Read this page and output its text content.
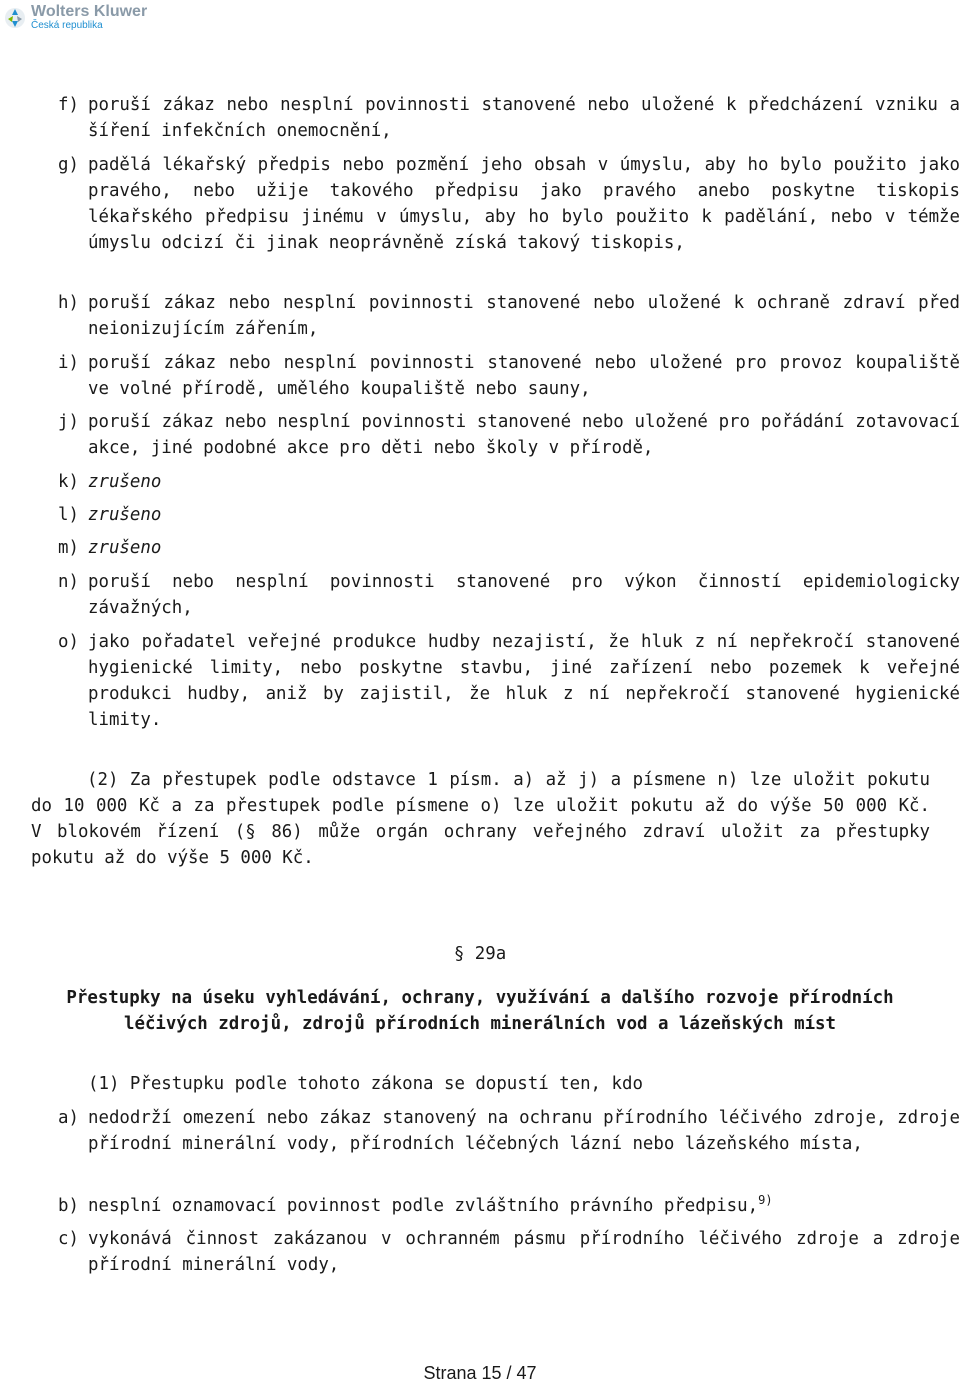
Wolters Kluwer
Česká republika
f) poruší zákaz nebo nesplní povinnosti stanovené nebo uložené k předcházení vzniku a šíření infekčních onemocnění,
g) padělá lékařský předpis nebo pozmění jeho obsah v úmyslu, aby ho bylo použito jako pravého, nebo užije takového předpisu jako pravého anebo poskytne tiskopis lékařského předpisu jinému v úmyslu, aby ho bylo použito k padělání, nebo v témže úmyslu odcizí či jinak neoprávněně získá takový tiskopis,
h) poruší zákaz nebo nesplní povinnosti stanovené nebo uložené k ochraně zdraví před neionizujícím zářením,
i) poruší zákaz nebo nesplní povinnosti stanovené nebo uložené pro provoz koupaliště ve volné přírodě, umělého koupaliště nebo sauny,
j) poruší zákaz nebo nesplní povinnosti stanovené nebo uložené pro pořádání zotavovací akce, jiné podobné akce pro děti nebo školy v přírodě,
k) zrušeno
l) zrušeno
m) zrušeno
n) poruší nebo nesplní povinnosti stanovené pro výkon činností epidemiologicky závažných,
o) jako pořadatel veřejné produkce hudby nezajistí, že hluk z ní nepřekročí stanovené hygienické limity, nebo poskytne stavbu, jiné zařízení nebo pozemek k veřejné produkci hudby, aniž by zajistil, že hluk z ní nepřekročí stanovené hygienické limity.
(2) Za přestupek podle odstavce 1 písm. a) až j) a písmene n) lze uložit pokutu do 10 000 Kč a za přestupek podle písmene o) lze uložit pokutu až do výše 50 000 Kč. V blokovém řízení (§ 86) může orgán ochrany veřejného zdraví uložit za přestupky pokutu až do výše 5 000 Kč.
§ 29a
Přestupky na úseku vyhledávání, ochrany, využívání a dalšího rozvoje přírodních léčivých zdrojů, zdrojů přírodních minerálních vod a lázeňských míst
(1) Přestupku podle tohoto zákona se dopustí ten, kdo
a) nedodrží omezení nebo zákaz stanovený na ochranu přírodního léčivého zdroje, zdroje přírodní minerální vody, přírodních léčebných lázní nebo lázeňského místa,
b) nesplní oznamovací povinnost podle zvláštního právního předpisu,$^{9)}$
c) vykonává činnost zakázanou v ochranném pásmu přírodního léčivého zdroje a zdroje přírodní minerální vody,
Strana 15 / 47
